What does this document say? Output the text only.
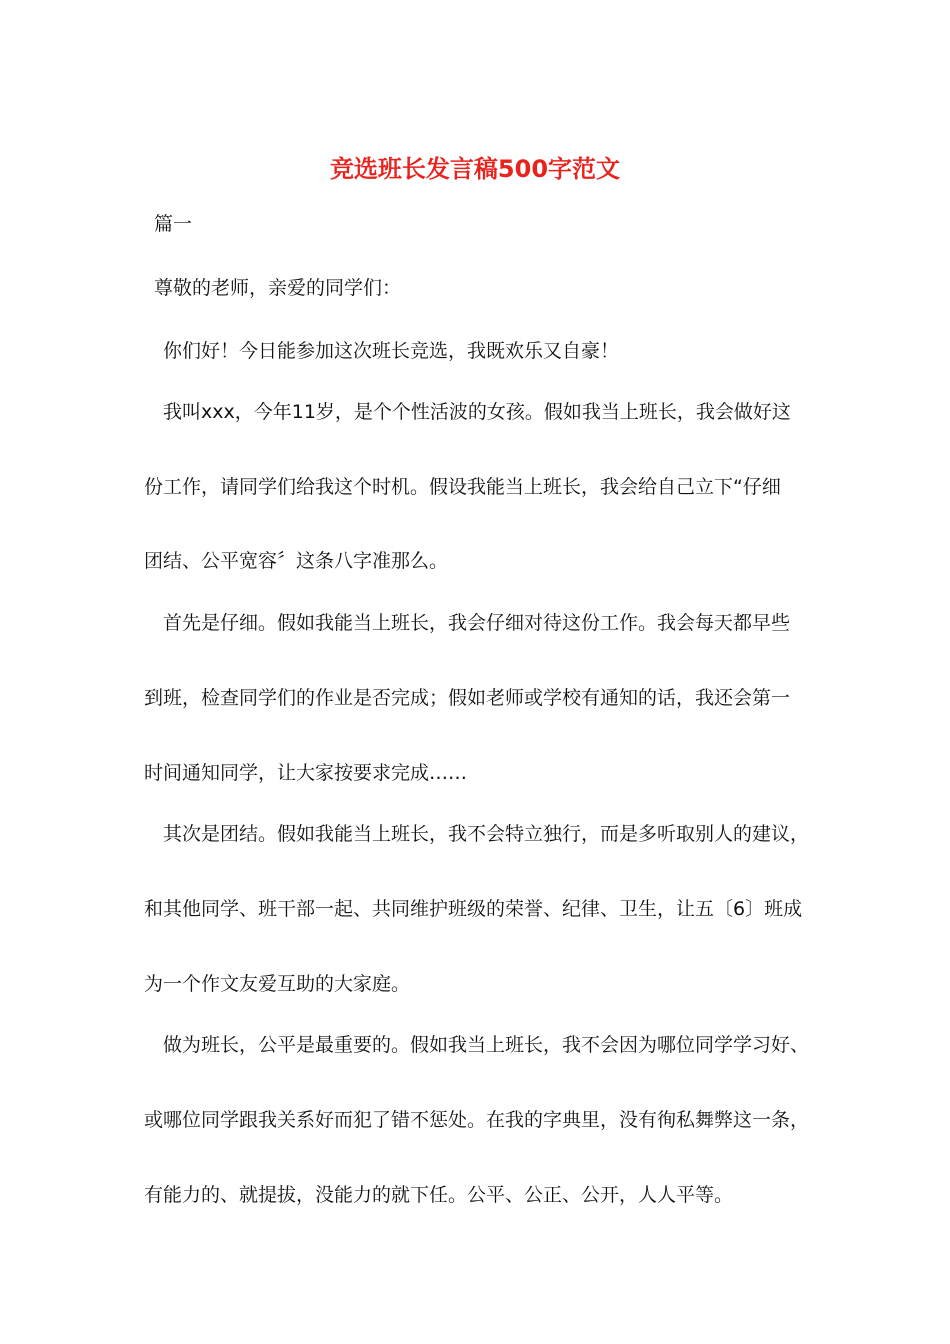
竞选班长发言稿500字范文

篇一

尊敬的老师，亲爱的同学们：

你们好！今日能参加这次班长竞选，我既欢乐又自豪！

我叫xxx，今年11岁，是个个性活波的女孩。假如我当上班长，我会做好这

份工作，请同学们给我这个时机。假设我能当上班长，我会给自己立下“仔细

团结、公平宽容〞这条八字准那么。

首先是仔细。假如我能当上班长，我会仔细对待这份工作。我会每天都早些

到班，检查同学们的作业是否完成；假如老师或学校有通知的话，我还会第一

时间通知同学，让大家按要求完成……

其次是团结。假如我能当上班长，我不会特立独行，而是多听取别人的建议，

和其他同学、班干部一起、共同维护班级的荣誉、纪律、卫生，让五〔6〕班成

为一个作文友爱互助的大家庭。

做为班长，公平是最重要的。假如我当上班长，我不会因为哪位同学学习好、

或哪位同学跟我关系好而犯了错不惩处。在我的字典里，没有徇私舞弊这一条，

有能力的、就提拔，没能力的就下任。公平、公正、公开，人人平等。
